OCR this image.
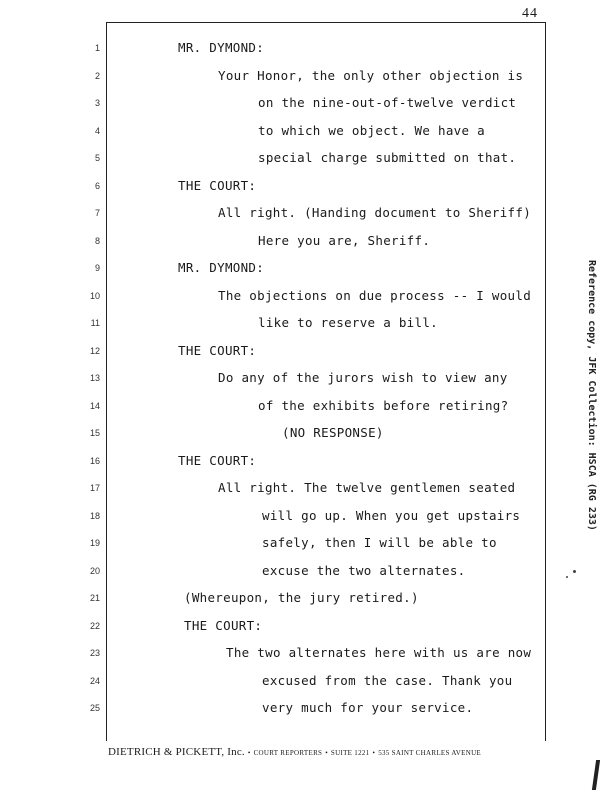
44
1	MR. DYMOND:
2	Your Honor, the only other objection is
3	on the nine-out-of-twelve verdict
4	to which we object. We have a
5	special charge submitted on that.
6	THE COURT:
7	All right. (Handing document to Sheriff)
8	Here you are, Sheriff.
9	MR. DYMOND:
10	The objections on due process -- I would
11	like to reserve a bill.
12	THE COURT:
13	Do any of the jurors wish to view any
14	of the exhibits before retiring?
15	(NO RESPONSE)
16	THE COURT:
17	All right. The twelve gentlemen seated
18	will go up. When you get upstairs
19	safely, then I will be able to
20	excuse the two alternates.
21	(Whereupon, the jury retired.)
22	THE COURT:
23	The two alternates here with us are now
24	excused from the case. Thank you
25	very much for your service.
DIETRICH & PICKETT, Inc. • COURT REPORTERS • SUITE 1221 • 535 SAINT CHARLES AVENUE
Reference copy, JFK Collection: HSCA (RG 233)
